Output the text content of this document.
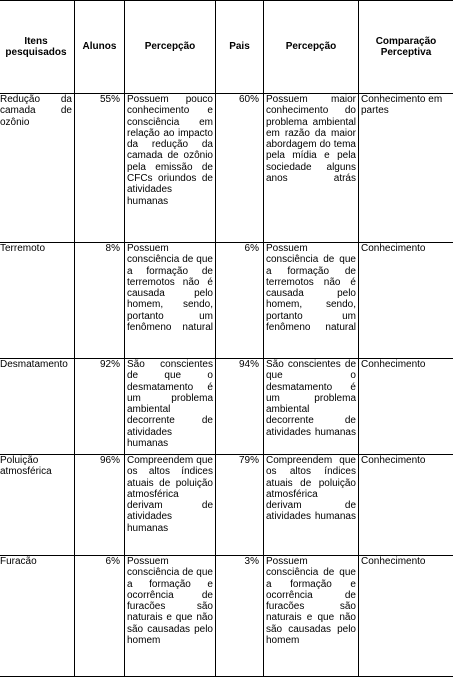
Itens pesquisados	Alunos	Percepção	Pais	Percepção	Comparação Perceptiva
Redução da camada de ozônio	55%	Possuem pouco conhecimento e consciência em relação ao impacto da redução da camada de ozônio pela emissão de CFCs oriundos de atividades humanas	60%	Possuem maior conhecimento do problema ambiental em razão da maior abordagem do tema pela mídia e pela sociedade alguns anos atrás	Conhecimento em partes
Terremoto	8%	Possuem consciência de que a formação de terremotos não é causada pelo homem, sendo, portanto um fenômeno natural	6%	Possuem consciência de que a formação de terremotos não é causada pelo homem, sendo, portanto um fenômeno natural	Conhecimento
Desmatamento	92%	São conscientes de que o desmatamento é um problema ambiental decorrente de atividades humanas	94%	São conscientes de que o desmatamento é um problema ambiental decorrente de atividades humanas	Conhecimento
Poluição atmosférica	96%	Compreendem que os altos índices atuais de poluição atmosférica derivam de atividades humanas	79%	Compreendem que os altos índices atuais de poluição atmosférica derivam de atividades humanas	Conhecimento
Furacão	6%	Possuem consciência de que a formação e ocorrência de furacões são naturais e que não são causadas pelo homem	3%	Possuem consciência de que a formação e ocorrência de furacões são naturais e que não são causadas pelo homem	Conhecimento
